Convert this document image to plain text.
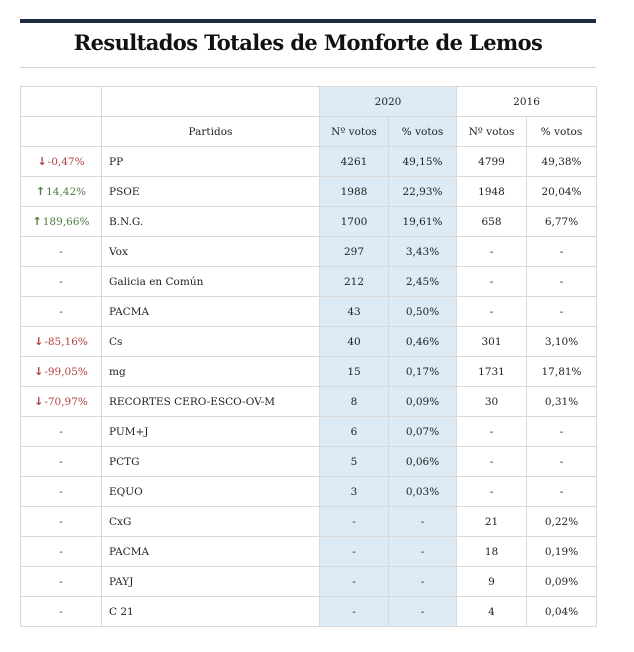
Resultados Totales de Monforte de Lemos
		2020		2016	
	Partidos	Nº votos	% votos	Nº votos	% votos
↓-0,47%	PP	4261	49,15%	4799	49,38%
↑14,42%	PSOE	1988	22,93%	1948	20,04%
↑189,66%	B.N.G.	1700	19,61%	658	6,77%
-	Vox	297	3,43%	-	-
-	Galicia en Común	212	2,45%	-	-
-	PACMA	43	0,50%	-	-
↓-85,16%	Cs	40	0,46%	301	3,10%
↓-99,05%	mg	15	0,17%	1731	17,81%
↓-70,97%	RECORTES CERO-ESCO-OV-M	8	0,09%	30	0,31%
-	PUM+J	6	0,07%	-	-
-	PCTG	5	0,06%	-	-
-	EQUO	3	0,03%	-	-
-	CxG	-	-	21	0,22%
-	PACMA	-	-	18	0,19%
-	PAYJ	-	-	9	0,09%
-	C 21	-	-	4	0,04%
